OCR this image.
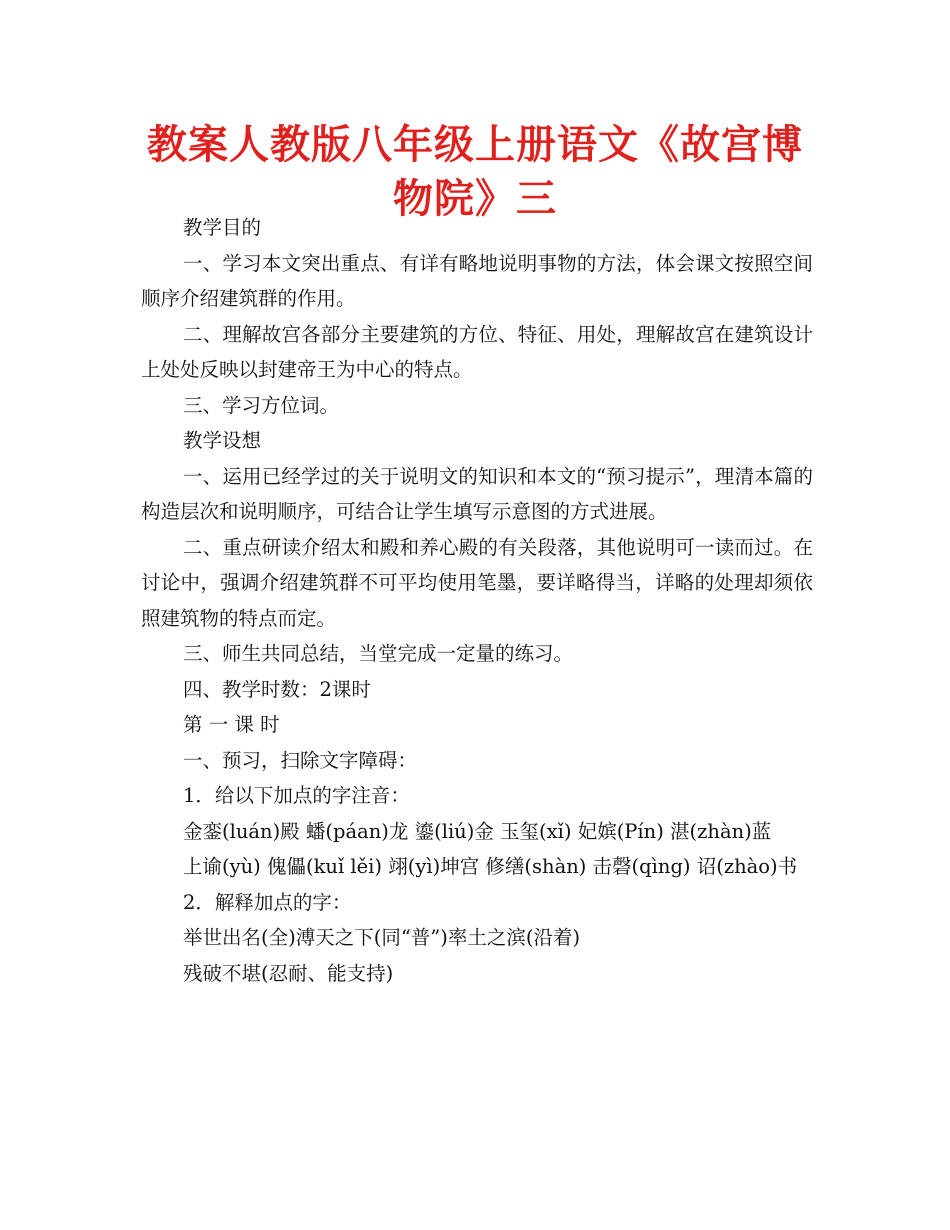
教案人教版八年级上册语文《故宫博物院》三

教学目的

一、学习本文突出重点、有详有略地说明事物的方法，体会课文按照空间顺序介绍建筑群的作用。

二、理解故宫各部分主要建筑的方位、特征、用处，理解故宫在建筑设计上处处反映以封建帝王为中心的特点。

三、学习方位词。

教学设想

一、运用已经学过的关于说明文的知识和本文的“预习提示”，理清本篇的构造层次和说明顺序，可结合让学生填写示意图的方式进展。

二、重点研读介绍太和殿和养心殿的有关段落，其他说明可一读而过。在讨论中，强调介绍建筑群不可平均使用笔墨，要详略得当，详略的处理却须依照建筑物的特点而定。

三、师生共同总结，当堂完成一定量的练习。

四、教学时数：2课时

第 一 课 时

一、预习，扫除文字障碍：

1．给以下加点的字注音：

金銮(luán)殿 蟠(páan)龙 鎏(liú)金 玉玺(xǐ) 妃嫔(Pín) 湛(zhàn)蓝

上谕(yù) 傀儡(kuǐ lěi) 翊(yì)坤宫 修缮(shàn) 击磬(qìng) 诏(zhào)书

2．解释加点的字：

举世出名(全)溥天之下(同“普”)率土之滨(沿着)

残破不堪(忍耐、能支持)
